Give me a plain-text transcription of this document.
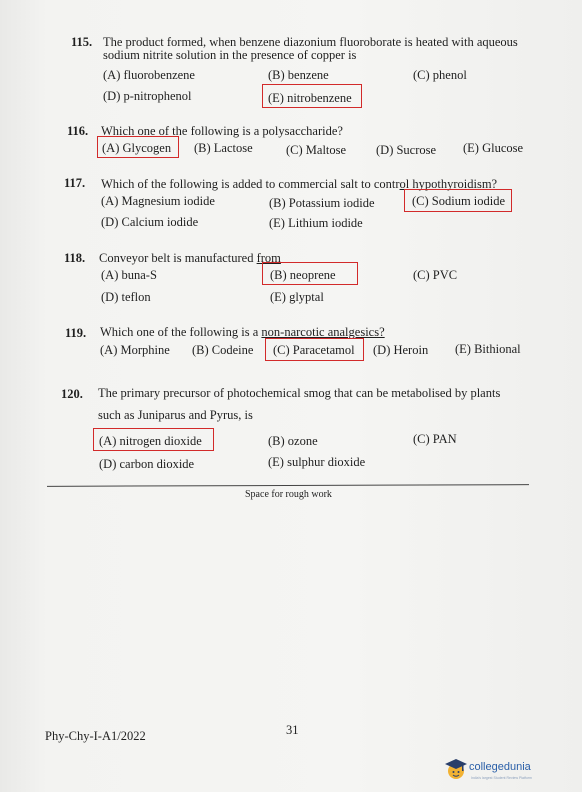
115. The product formed, when benzene diazonium fluoroborate is heated with aqueous
sodium nitrite solution in the presence of copper is
(A) fluorobenzene	(B) benzene	(C) phenol
(D) p-nitrophenol	(E) nitrobenzene
116. Which one of the following is a polysaccharide?
(A) Glycogen (B) Lactose	(C) Maltose (D) Sucrose (E) Glucose
117. Which of the following is added to commercial salt to control hypothyroidism?
(A) Magnesium iodide	(B) Potassium iodide	(C) Sodium iodide
(D) Calcium iodide	(E) Lithium iodide
118. Conveyor belt is manufactured from
(A) buna-S	(B) neoprene	(C) PVC
(D) teflon	(E) glyptal
119. Which one of the following is a non-narcotic analgesics?
(A) Morphine (B) Codeine (C) Paracetamol (D) Heroin (E) Bithional
120. The primary precursor of photochemical smog that can be metabolised by plants
such as Juniparus and Pyrus, is
(A) nitrogen dioxide	(B) ozone	(C) PAN
(D) carbon dioxide	(E) sulphur dioxide
Space for rough work
31
Phy-Chy-I-A1/2022
collegedunia
India's largest Student Review Platform
